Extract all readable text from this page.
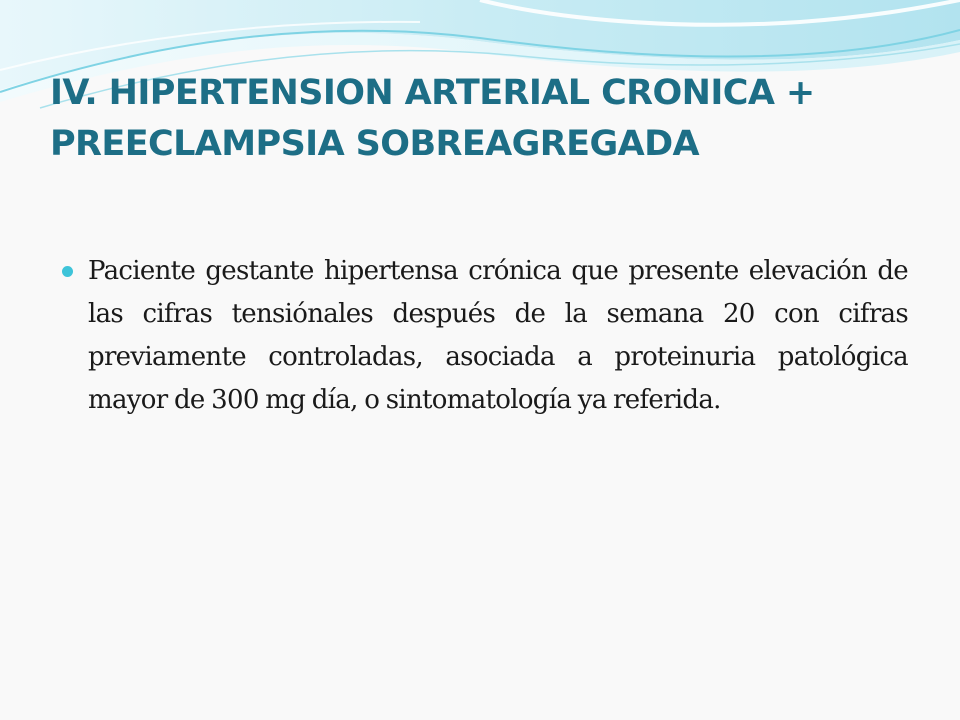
IV. HIPERTENSION ARTERIAL CRONICA +
PREECLAMPSIA SOBREAGREGADA

Paciente gestante hipertensa crónica que presente elevación de las cifras tensiónales después de la semana 20 con cifras previamente controladas, asociada a proteinuria patológica mayor de 300 mg día, o sintomatología ya referida.
